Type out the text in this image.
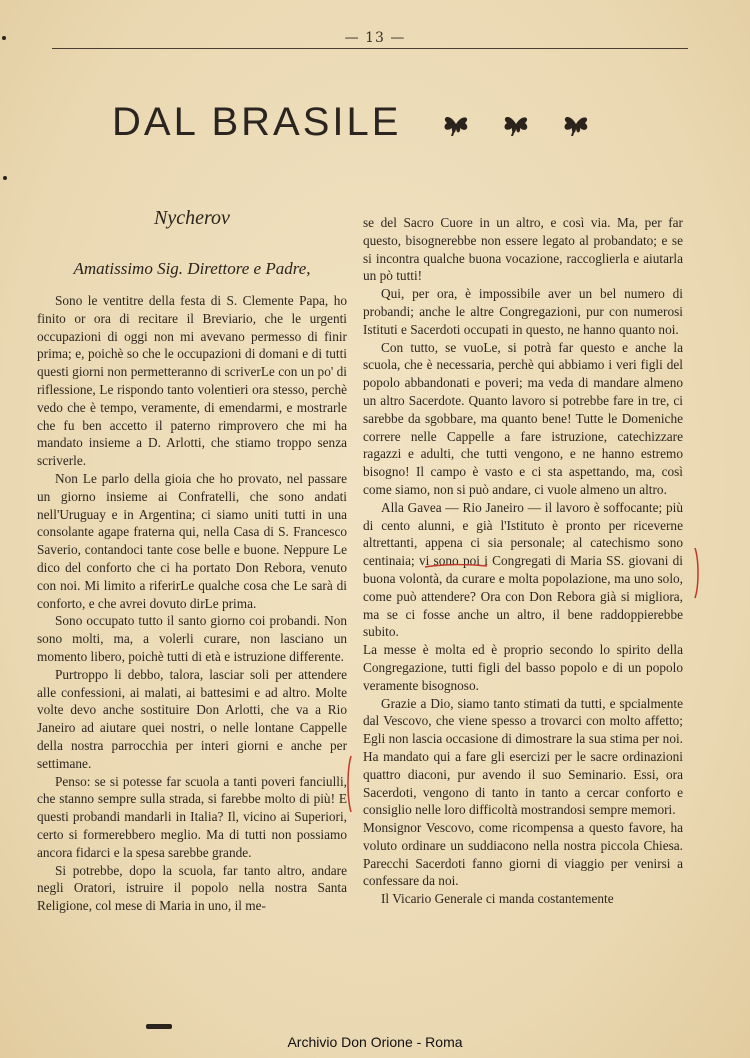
— 13 —
DAL BRASILE
Nycherov
Amatissimo Sig. Direttore e Padre,

Sono le ventitre della festa di S. Clemente Papa, ho finito or ora di recitare il Breviario, che le urgenti occupazioni di oggi non mi avevano permesso di finir prima; e, poichè so che le occupazioni di domani e di tutti questi giorni non permetteranno di scriverLe con un po' di riflessione, Le rispondo tanto volentieri ora stesso, perchè vedo che è tempo, veramente, di emendarmi, e mostrarle che fu ben accetto il paterno rimprovero che mi ha mandato insieme a D. Arlotti, che stiamo troppo senza scriverle.

Non Le parlo della gioia che ho provato, nel passare un giorno insieme ai Confratelli, che sono andati nell'Uruguay e in Argentina; ci siamo uniti tutti in una consolante agape fraterna qui, nella Casa di S. Francesco Saverio, contandoci tante cose belle e buone. Neppure Le dico del conforto che ci ha portato Don Rebora, venuto con noi. Mi limito a riferirLe qualche cosa che Le sarà di conforto, e che avrei dovuto dirLe prima.

Sono occupato tutto il santo giorno coi probandi. Non sono molti, ma, a volerli curare, non lasciano un momento libero, poichè tutti di età e istruzione differente.

Purtroppo li debbo, talora, lasciar soli per attendere alle confessioni, ai malati, ai battesimi e ad altro. Molte volte devo anche sostituire Don Arlotti, che va a Rio Janeiro ad aiutare quei nostri, o nelle lontane Cappelle della nostra parrocchia per interi giorni e anche per settimane.

Penso: se si potesse far scuola a tanti poveri fanciulli, che stanno sempre sulla strada, si farebbe molto di più! E questi probandi mandarli in Italia? Il, vicino ai Superiori, certo si formerebbero meglio. Ma di tutti non possiamo ancora fidarci e la spesa sarebbe grande.

Si potrebbe, dopo la scuola, far tanto altro, andare negli Oratori, istruire il popolo nella nostra Santa Religione, col mese di Maria in uno, il me-

se del Sacro Cuore in un altro, e così via. Ma, per far questo, bisognerebbe non essere legato al probandato; e se si incontra qualche buona vocazione, raccoglierla e aiutarla un pò tutti!

Qui, per ora, è impossibile aver un bel numero di probandi; anche le altre Congregazioni, pur con numerosi Istituti e Sacerdoti occupati in questo, ne hanno quanto noi.

Con tutto, se vuoLe, si potrà far questo e anche la scuola, che è necessaria, perchè qui abbiamo i veri figli del popolo abbandonati e poveri; ma veda di mandare almeno un altro Sacerdote. Quanto lavoro si potrebbe fare in tre, ci sarebbe da sgobbare, ma quanto bene! Tutte le Domeniche correre nelle Cappelle a fare istruzione, catechizzare ragazzi e adulti, che tutti vengono, e ne hanno estremo bisogno! Il campo è vasto e ci sta aspettando, ma, così come siamo, non si può andare, ci vuole almeno un altro.

Alla Gavea — Rio Janeiro — il lavoro è soffocante; più di cento alunni, e già l'Istituto è pronto per riceverne altrettanti, appena ci sia personale; al catechismo sono centinaia; vi sono poi i Congregati di Maria SS. giovani di buona volontà, da curare e molta popolazione, ma uno solo, come può attendere? Ora con Don Rebora già si migliora, ma se ci fosse anche un altro, il bene raddoppierebbe subito.

La messe è molta ed è proprio secondo lo spirito della Congregazione, tutti figli del basso popolo e di un popolo veramente bisognoso.

Grazie a Dio, siamo tanto stimati da tutti, e spcialmente dal Vescovo, che viene spesso a trovarci con molto affetto; Egli non lascia occasione di dimostrare la sua stima per noi. Ha mandato qui a fare gli esercizi per le sacre ordinazioni quattro diaconi, pur avendo il suo Seminario. Essi, ora Sacerdoti, vengono di tanto in tanto a cercar conforto e consiglio nelle loro difficoltà mostrandosi sempre memori.

Monsignor Vescovo, come ricompensa a questo favore, ha voluto ordinare un suddiacono nella nostra piccola Chiesa. Parecchi Sacerdoti fanno giorni di viaggio per venirsi a confessare da noi.

Il Vicario Generale ci manda costantemente

Archivio Don Orione - Roma
